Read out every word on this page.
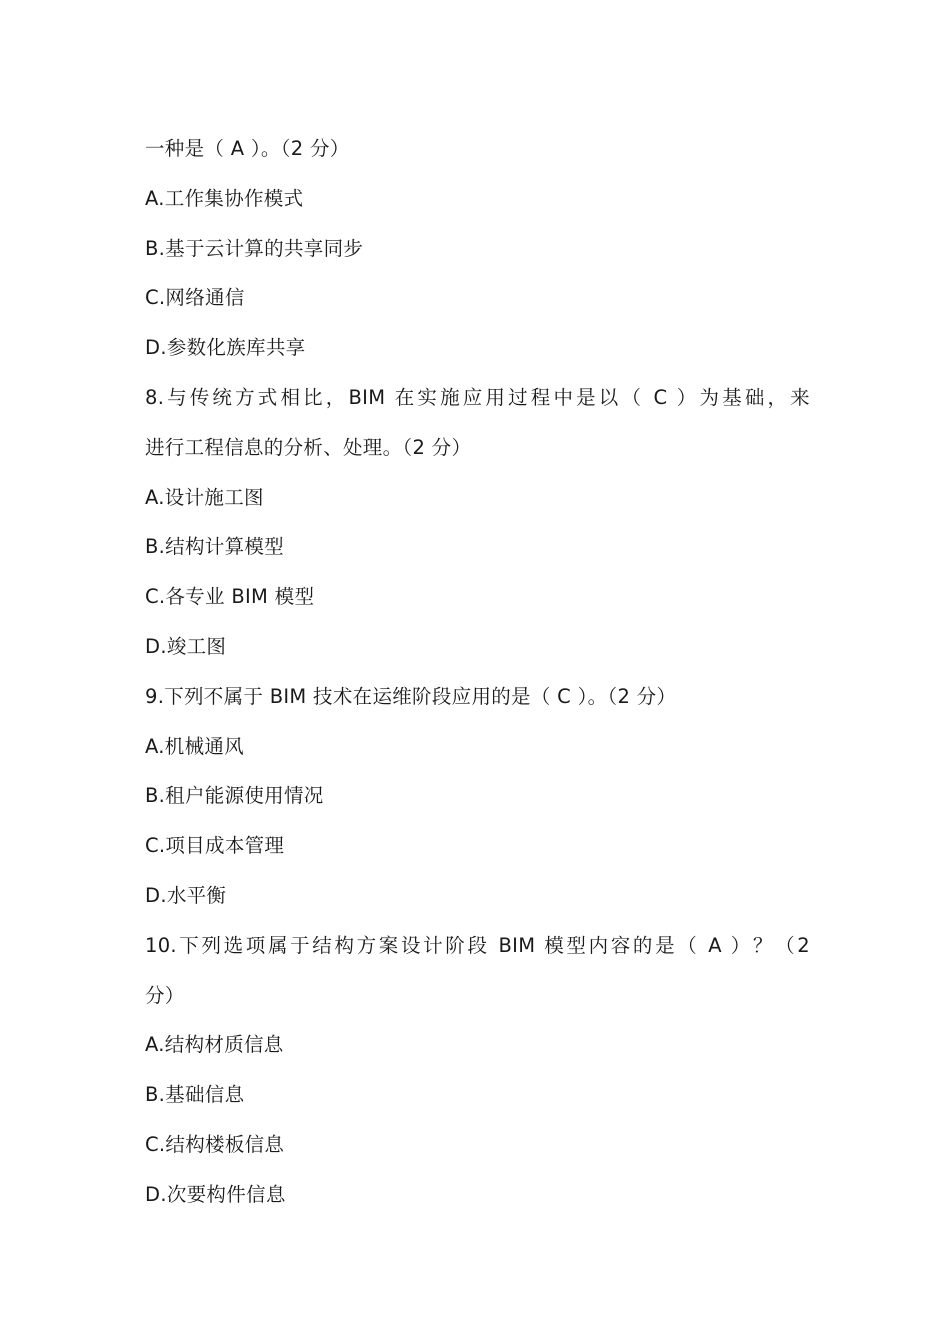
一种是（ A ）。（2 分）
A.工作集协作模式
B.基于云计算的共享同步
C.网络通信
D.参数化族库共享
8.与传统方式相比，BIM 在实施应用过程中是以（ C ）为基础，来
进行工程信息的分析、处理。（2 分）
A.设计施工图
B.结构计算模型
C.各专业 BIM 模型
D.竣工图
9.下列不属于 BIM 技术在运维阶段应用的是（ C ）。（2 分）
A.机械通风
B.租户能源使用情况
C.项目成本管理
D.水平衡
10.下列选项属于结构方案设计阶段 BIM 模型内容的是（ A ）？（2
分）
A.结构材质信息
B.基础信息
C.结构楼板信息
D.次要构件信息
